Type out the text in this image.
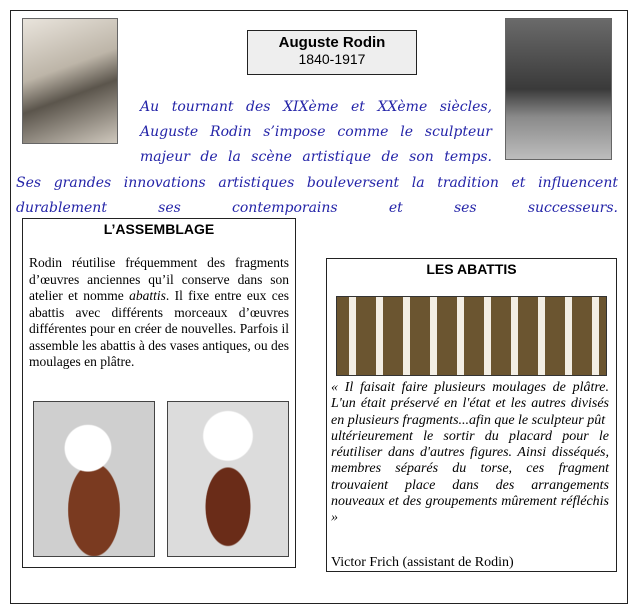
Auguste Rodin
1840-1917
Au tournant des XIXème et XXème siècles, Auguste Rodin s’impose comme le sculpteur majeur de la scène artistique de son temps.
Ses grandes innovations artistiques bouleversent la tradition et influencent durablement ses contemporains et ses successeurs.
L’ASSEMBLAGE
Rodin réutilise fréquemment des fragments d’œuvres anciennes qu’il conserve dans son atelier et nomme abattis. Il fixe entre eux ces abattis avec différents morceaux d’œuvres différentes pour en créer de nouvelles. Parfois il assemble les abattis à des vases antiques, ou des moulages en plâtre.
LES ABATTIS
« Il faisait faire plusieurs moulages de plâtre. L'un était préservé en l'état et les autres divisés en plusieurs fragments...afin que le sculpteur pût
ultérieurement le sortir du placard pour le réutiliser dans d'autres figures. Ainsi disséqués, membres séparés du torse, ces fragment trouvaient place dans des arrangements nouveaux et des groupements mûrement réfléchis »
Victor Frich (assistant de Rodin)
